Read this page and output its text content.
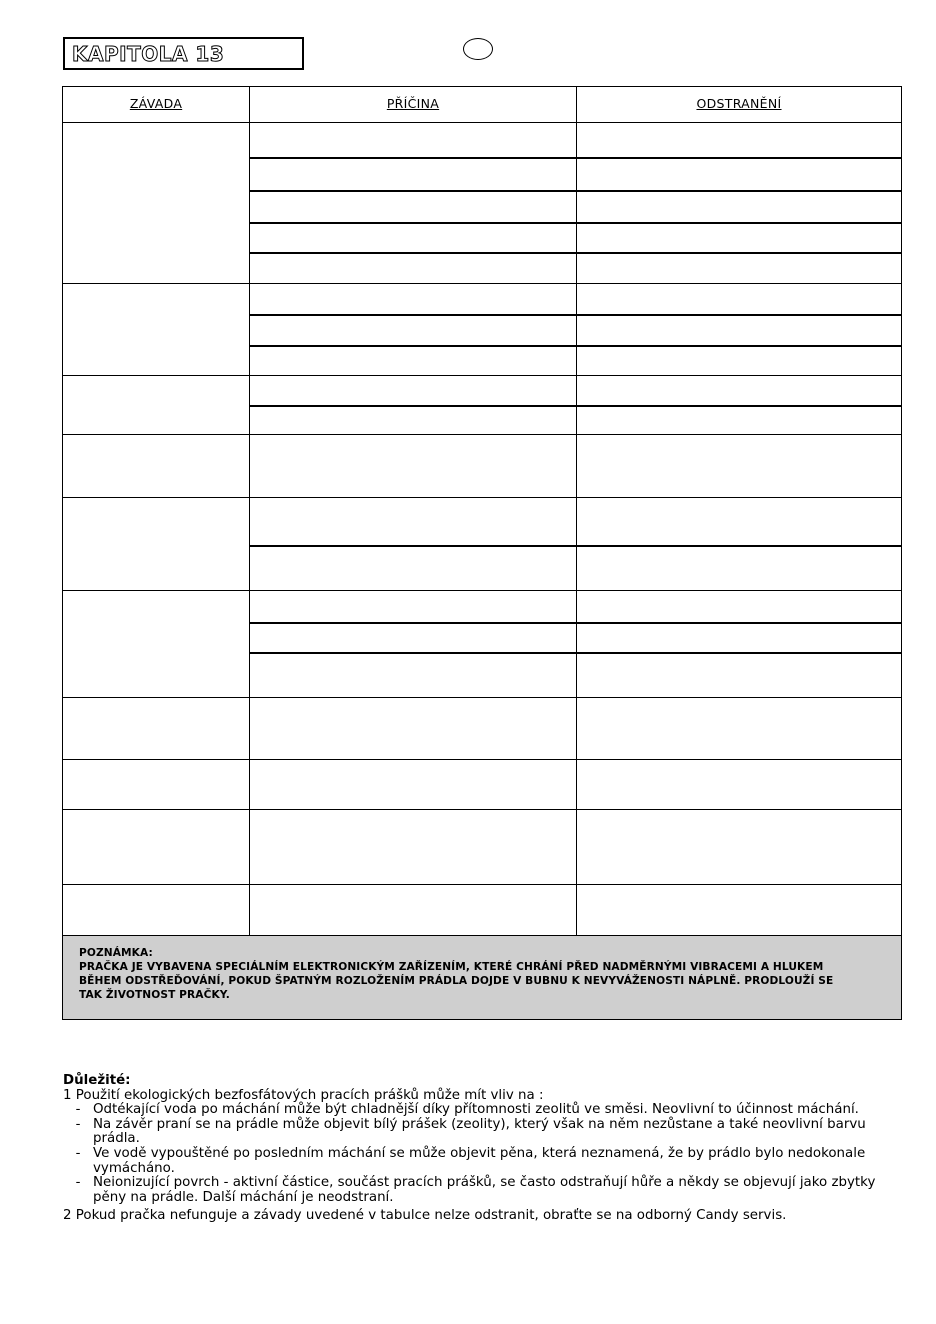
KAPITOLA 13
ZÁVADA	PŘÍČINA	ODSTRANĚNÍ
POZNÁMKA:
PRAČKA JE VYBAVENA SPECIÁLNÍM ELEKTRONICKÝM ZAŘÍZENÍM, KTERÉ CHRÁNÍ PŘED NADMĚRNÝMI VIBRACEMI A HLUKEM
BĚHEM ODSTŘEĎOVÁNÍ, POKUD ŠPATNÝM ROZLOŽENÍM PRÁDLA DOJDE V BUBNU K NEVYVÁŽENOSTI NÁPLNĚ. PRODLOUŽÍ SE
TAK ŽIVOTNOST PRAČKY.
Důležité:
1 Použití ekologických bezfosfátových pracích prášků může mít vliv na :
- Odtékající voda po máchání může být chladnější díky přítomnosti zeolitů ve směsi. Neovlivní to účinnost máchání.
- Na závěr praní se na prádle může objevit bílý prášek (zeolity), který však na něm nezůstane a také neovlivní barvu prádla.
- Ve vodě vypouštěné po posledním máchání se může objevit pěna, která neznamená, že by prádlo bylo nedokonale vymácháno.
- Neionizující povrch - aktivní částice, součást pracích prášků, se často odstraňují hůře a někdy se objevují jako zbytky pěny na prádle. Další máchání je neodstraní.
2 Pokud pračka nefunguje a závady uvedené v tabulce nelze odstranit, obraťte se na odborný Candy servis.
